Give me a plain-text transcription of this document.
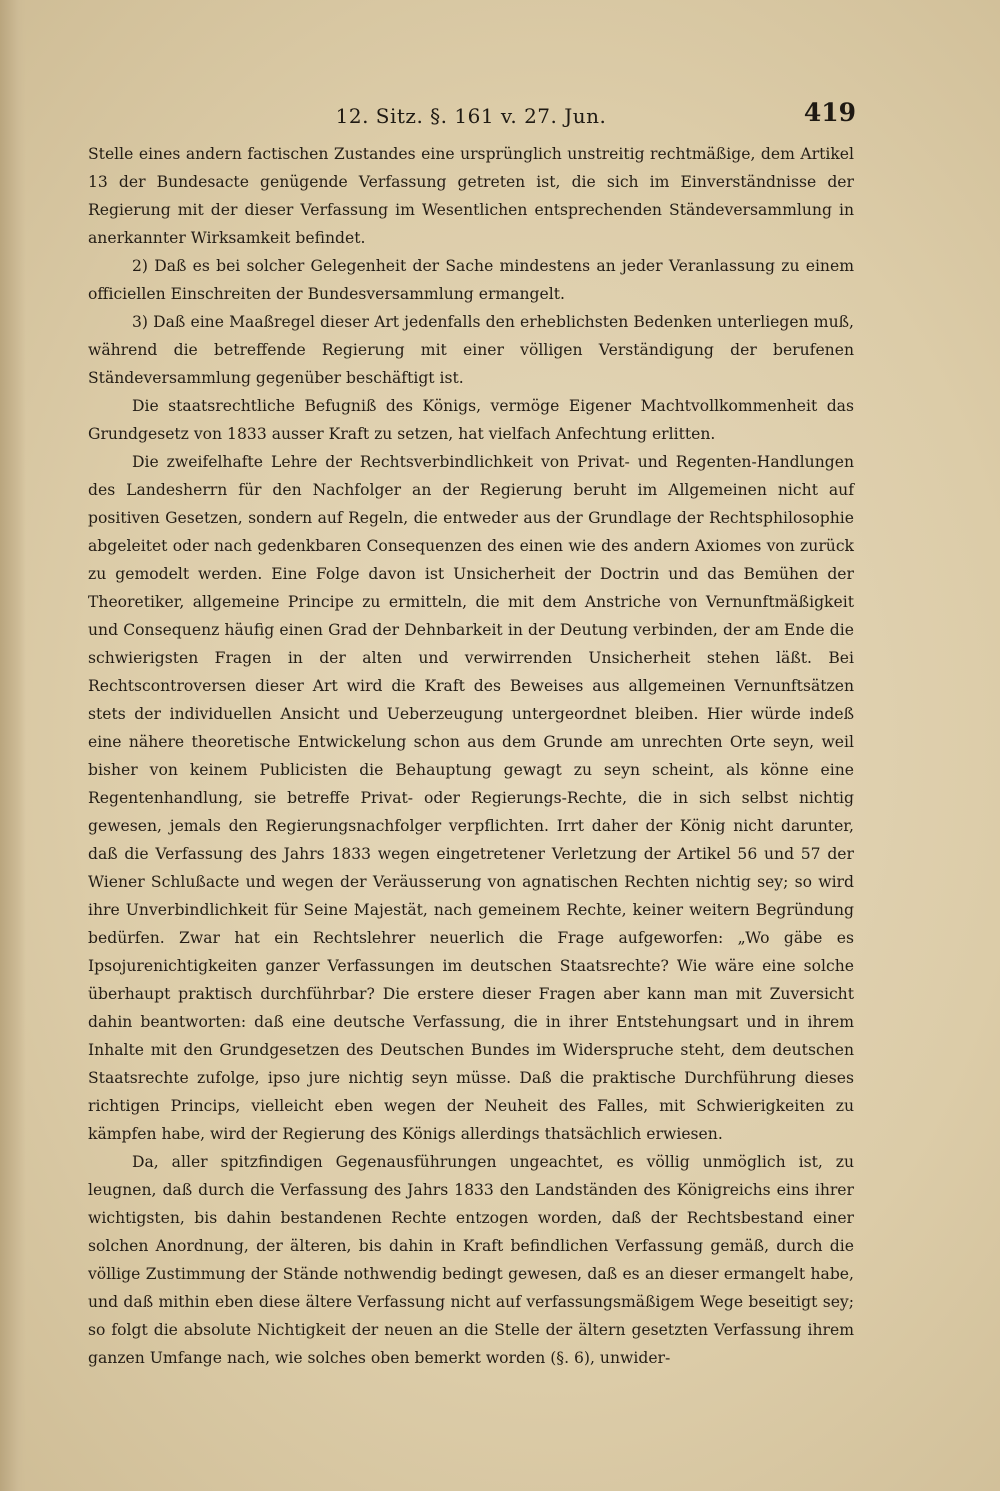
12. Sitz. §. 161 v. 27. Jun.	419

Stelle eines andern factischen Zustandes eine ursprünglich unstreitig rechtmäßige, dem Artikel 13 der Bundesacte genügende Verfassung getreten ist, die sich im Einverständnisse der Regierung mit der dieser Verfassung im Wesentlichen entsprechenden Ständeversammlung in anerkannter Wirksamkeit befindet.

2) Daß es bei solcher Gelegenheit der Sache mindestens an jeder Veranlassung zu einem officiellen Einschreiten der Bundesversammlung ermangelt.

3) Daß eine Maaßregel dieser Art jedenfalls den erheblichsten Bedenken unterliegen muß, während die betreffende Regierung mit einer völligen Verständigung der berufenen Ständeversammlung gegenüber beschäftigt ist.

Die staatsrechtliche Befugniß des Königs, vermöge Eigener Machtvollkommenheit das Grundgesetz von 1833 ausser Kraft zu setzen, hat vielfach Anfechtung erlitten.

Die zweifelhafte Lehre der Rechtsverbindlichkeit von Privat- und Regenten-Handlungen des Landesherrn für den Nachfolger an der Regierung beruht im Allgemeinen nicht auf positiven Gesetzen, sondern auf Regeln, die entweder aus der Grundlage der Rechtsphilosophie abgeleitet oder nach gedenkbaren Consequenzen des einen wie des andern Axiomes von zurück zu gemodelt werden. Eine Folge davon ist Unsicherheit der Doctrin und das Bemühen der Theoretiker, allgemeine Principe zu ermitteln, die mit dem Anstriche von Vernunftmäßigkeit und Consequenz häufig einen Grad der Dehnbarkeit in der Deutung verbinden, der am Ende die schwierigsten Fragen in der alten und verwirrenden Unsicherheit stehen läßt. Bei Rechtscontroversen dieser Art wird die Kraft des Beweises aus allgemeinen Vernunftsätzen stets der individuellen Ansicht und Ueberzeugung untergeordnet bleiben. Hier würde indeß eine nähere theoretische Entwickelung schon aus dem Grunde am unrechten Orte seyn, weil bisher von keinem Publicisten die Behauptung gewagt zu seyn scheint, als könne eine Regentenhandlung, sie betreffe Privat- oder Regierungs-Rechte, die in sich selbst nichtig gewesen, jemals den Regierungsnachfolger verpflichten. Irrt daher der König nicht darunter, daß die Verfassung des Jahrs 1833 wegen eingetretener Verletzung der Artikel 56 und 57 der Wiener Schlußacte und wegen der Veräusserung von agnatischen Rechten nichtig sey; so wird ihre Unverbindlichkeit für Seine Majestät, nach gemeinem Rechte, keiner weitern Begründung bedürfen. Zwar hat ein Rechtslehrer neuerlich die Frage aufgeworfen: „Wo gäbe es Ipsojurenichtigkeiten ganzer Verfassungen im deutschen Staatsrechte? Wie wäre eine solche überhaupt praktisch durchführbar? Die erstere dieser Fragen aber kann man mit Zuversicht dahin beantworten: daß eine deutsche Verfassung, die in ihrer Entstehungsart und in ihrem Inhalte mit den Grundgesetzen des Deutschen Bundes im Widerspruche steht, dem deutschen Staatsrechte zufolge, ipso jure nichtig seyn müsse. Daß die praktische Durchführung dieses richtigen Princips, vielleicht eben wegen der Neuheit des Falles, mit Schwierigkeiten zu kämpfen habe, wird der Regierung des Königs allerdings thatsächlich erwiesen.

Da, aller spitzfindigen Gegenausführungen ungeachtet, es völlig unmöglich ist, zu leugnen, daß durch die Verfassung des Jahrs 1833 den Landständen des Königreichs eins ihrer wichtigsten, bis dahin bestandenen Rechte entzogen worden, daß der Rechtsbestand einer solchen Anordnung, der älteren, bis dahin in Kraft befindlichen Verfassung gemäß, durch die völlige Zustimmung der Stände nothwendig bedingt gewesen, daß es an dieser ermangelt habe, und daß mithin eben diese ältere Verfassung nicht auf verfassungsmäßigem Wege beseitigt sey; so folgt die absolute Nichtigkeit der neuen an die Stelle der ältern gesetzten Verfassung ihrem ganzen Umfange nach, wie solches oben bemerkt worden (§. 6), unwider-
